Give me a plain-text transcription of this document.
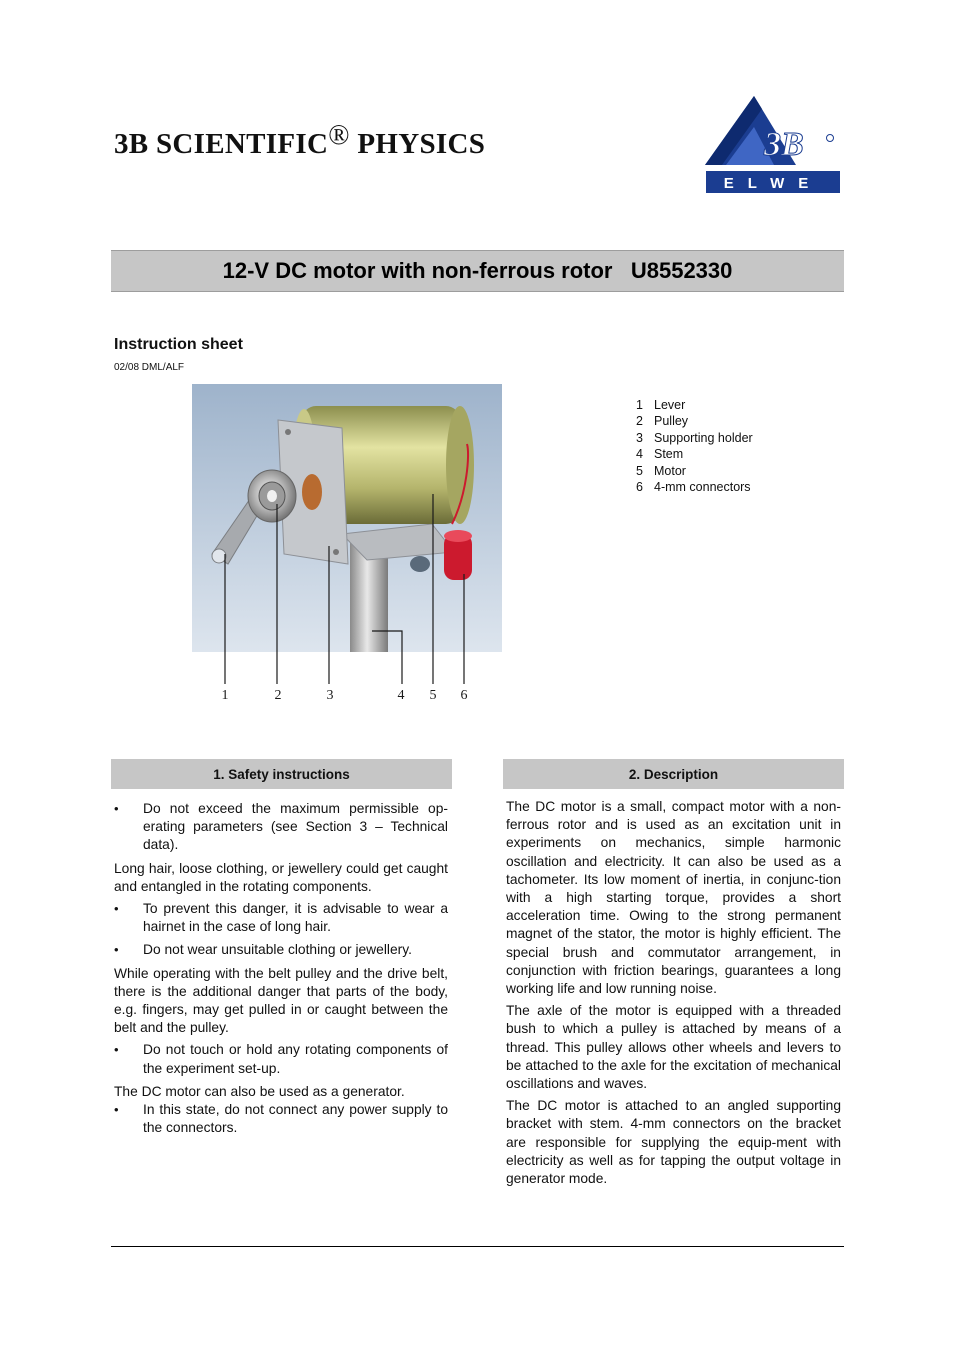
3B SCIENTIFIC® PHYSICS	3B
ELWE
12-V DC motor with non-ferrous rotor
U8552330
Instruction sheet
02/08 DML/ALF
1	2	3	4 5 6
1 Lever
2 Pulley
3 Supporting holder
4 Stem
5 Motor
6 4-mm connectors
1. Safety instructions	2. Description
•	Do not exceed the maximum permissible op-erating parameters (see Section 3 – Technical data).

Long hair, loose clothing, or jewellery could get caught and entangled in the rotating components.

•	To prevent this danger, it is advisable to wear a hairnet in the case of long hair.
•	Do not wear unsuitable clothing or jewellery.

While operating with the belt pulley and the drive belt, there is the additional danger that parts of the body, e.g. fingers, may get pulled in or caught between the belt and the pulley.

•	Do not touch or hold any rotating components of the experiment set-up.

The DC motor can also be used as a generator.

•	In this state, do not connect any power supply to the connectors.

The DC motor is a small, compact motor with a non-ferrous rotor and is used as an excitation unit in experiments on mechanics, simple harmonic oscillation and electricity. It can also be used as a tachometer. Its low moment of inertia, in conjunc-tion with a high starting torque, provides a short acceleration time. Owing to the strong permanent magnet of the stator, the motor is highly efficient. The special brush and commutator arrangement, in conjunction with friction bearings, guarantees a long working life and low running noise.

The axle of the motor is equipped with a threaded bush to which a pulley is attached by means of a thread. This pulley allows other wheels and levers to be attached to the axle for the excitation of mechanical oscillations and waves.

The DC motor is attached to an angled supporting bracket with stem. 4-mm connectors on the bracket are responsible for supplying the equip-ment with electricity as well as for tapping the output voltage in generator mode.
